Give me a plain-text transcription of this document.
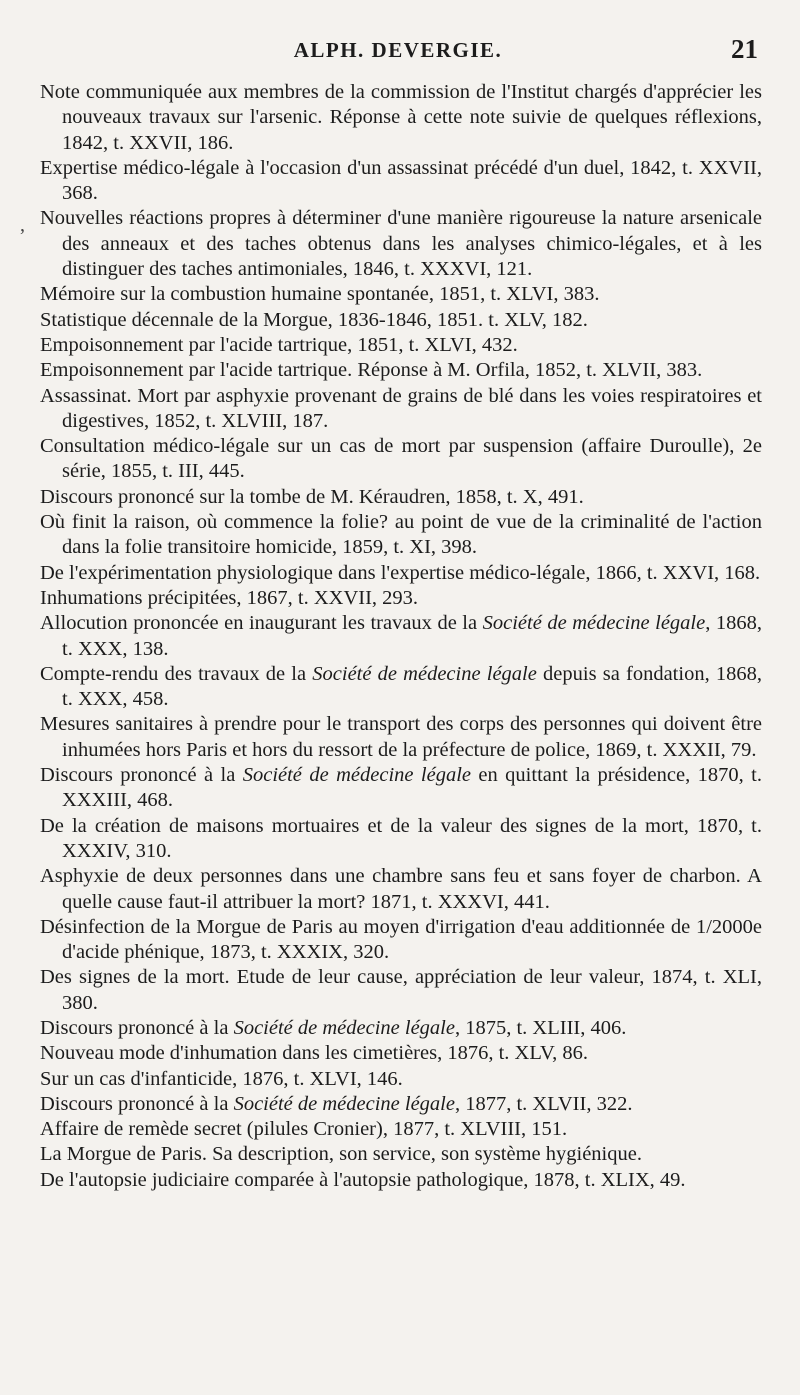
ALPH. DEVERGIE.	21
,

Note communiquée aux membres de la commission de l'Institut chargés d'apprécier les nouveaux travaux sur l'arsenic. Réponse à cette note suivie de quelques réflexions, 1842, t. XXVII, 186.

Expertise médico-légale à l'occasion d'un assassinat précédé d'un duel, 1842, t. XXVII, 368.

Nouvelles réactions propres à déterminer d'une manière rigoureuse la nature arsenicale des anneaux et des taches obtenus dans les analyses chimico-légales, et à les distinguer des taches antimoniales, 1846, t. XXXVI, 121.

Mémoire sur la combustion humaine spontanée, 1851, t. XLVI, 383.

Statistique décennale de la Morgue, 1836-1846, 1851. t. XLV, 182.

Empoisonnement par l'acide tartrique, 1851, t. XLVI, 432.

Empoisonnement par l'acide tartrique. Réponse à M. Orfila, 1852, t. XLVII, 383.

Assassinat. Mort par asphyxie provenant de grains de blé dans les voies respiratoires et digestives, 1852, t. XLVIII, 187.

Consultation médico-légale sur un cas de mort par suspension (affaire Duroulle), 2e série, 1855, t. III, 445.

Discours prononcé sur la tombe de M. Kéraudren, 1858, t. X, 491.

Où finit la raison, où commence la folie? au point de vue de la criminalité de l'action dans la folie transitoire homicide, 1859, t. XI, 398.

De l'expérimentation physiologique dans l'expertise médico-légale, 1866, t. XXVI, 168.

Inhumations précipitées, 1867, t. XXVII, 293.

Allocution prononcée en inaugurant les travaux de la Société de médecine légale, 1868, t. XXX, 138.

Compte-rendu des travaux de la Société de médecine légale depuis sa fondation, 1868, t. XXX, 458.

Mesures sanitaires à prendre pour le transport des corps des personnes qui doivent être inhumées hors Paris et hors du ressort de la préfecture de police, 1869, t. XXXII, 79.

Discours prononcé à la Société de médecine légale en quittant la présidence, 1870, t. XXXIII, 468.

De la création de maisons mortuaires et de la valeur des signes de la mort, 1870, t. XXXIV, 310.

Asphyxie de deux personnes dans une chambre sans feu et sans foyer de charbon. A quelle cause faut-il attribuer la mort? 1871, t. XXXVI, 441.

Désinfection de la Morgue de Paris au moyen d'irrigation d'eau additionnée de 1/2000e d'acide phénique, 1873, t. XXXIX, 320.

Des signes de la mort. Etude de leur cause, appréciation de leur valeur, 1874, t. XLI, 380.

Discours prononcé à la Société de médecine légale, 1875, t. XLIII, 406.

Nouveau mode d'inhumation dans les cimetières, 1876, t. XLV, 86.

Sur un cas d'infanticide, 1876, t. XLVI, 146.

Discours prononcé à la Société de médecine légale, 1877, t. XLVII, 322.

Affaire de remède secret (pilules Cronier), 1877, t. XLVIII, 151.

La Morgue de Paris. Sa description, son service, son système hygiénique.

De l'autopsie judiciaire comparée à l'autopsie pathologique, 1878, t. XLIX, 49.
